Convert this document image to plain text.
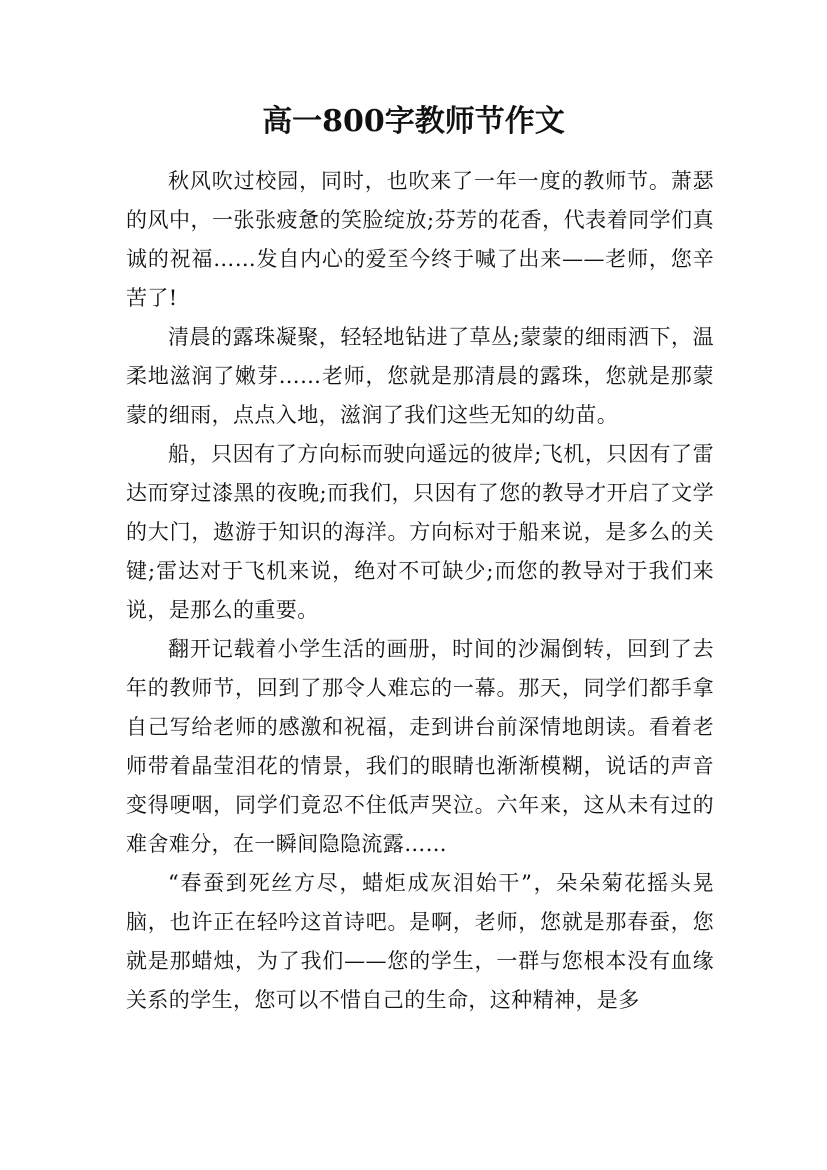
高一800字教师节作文

秋风吹过校园，同时，也吹来了一年一度的教师节。萧瑟的风中，一张张疲惫的笑脸绽放;芬芳的花香，代表着同学们真诚的祝福……发自内心的爱至今终于喊了出来——老师，您辛苦了!

清晨的露珠凝聚，轻轻地钻进了草丛;蒙蒙的细雨洒下，温柔地滋润了嫩芽……老师，您就是那清晨的露珠，您就是那蒙蒙的细雨，点点入地，滋润了我们这些无知的幼苗。

船，只因有了方向标而驶向遥远的彼岸;飞机，只因有了雷达而穿过漆黑的夜晚;而我们，只因有了您的教导才开启了文学的大门，遨游于知识的海洋。方向标对于船来说，是多么的关键;雷达对于飞机来说，绝对不可缺少;而您的教导对于我们来说，是那么的重要。

翻开记载着小学生活的画册，时间的沙漏倒转，回到了去年的教师节，回到了那令人难忘的一幕。那天，同学们都手拿自己写给老师的感激和祝福，走到讲台前深情地朗读。看着老师带着晶莹泪花的情景，我们的眼睛也渐渐模糊，说话的声音变得哽咽，同学们竟忍不住低声哭泣。六年来，这从未有过的难舍难分，在一瞬间隐隐流露……

“春蚕到死丝方尽，蜡炬成灰泪始干”，朵朵菊花摇头晃脑，也许正在轻吟这首诗吧。是啊，老师，您就是那春蚕，您就是那蜡烛，为了我们——您的学生，一群与您根本没有血缘关系的学生，您可以不惜自己的生命，这种精神，是多
